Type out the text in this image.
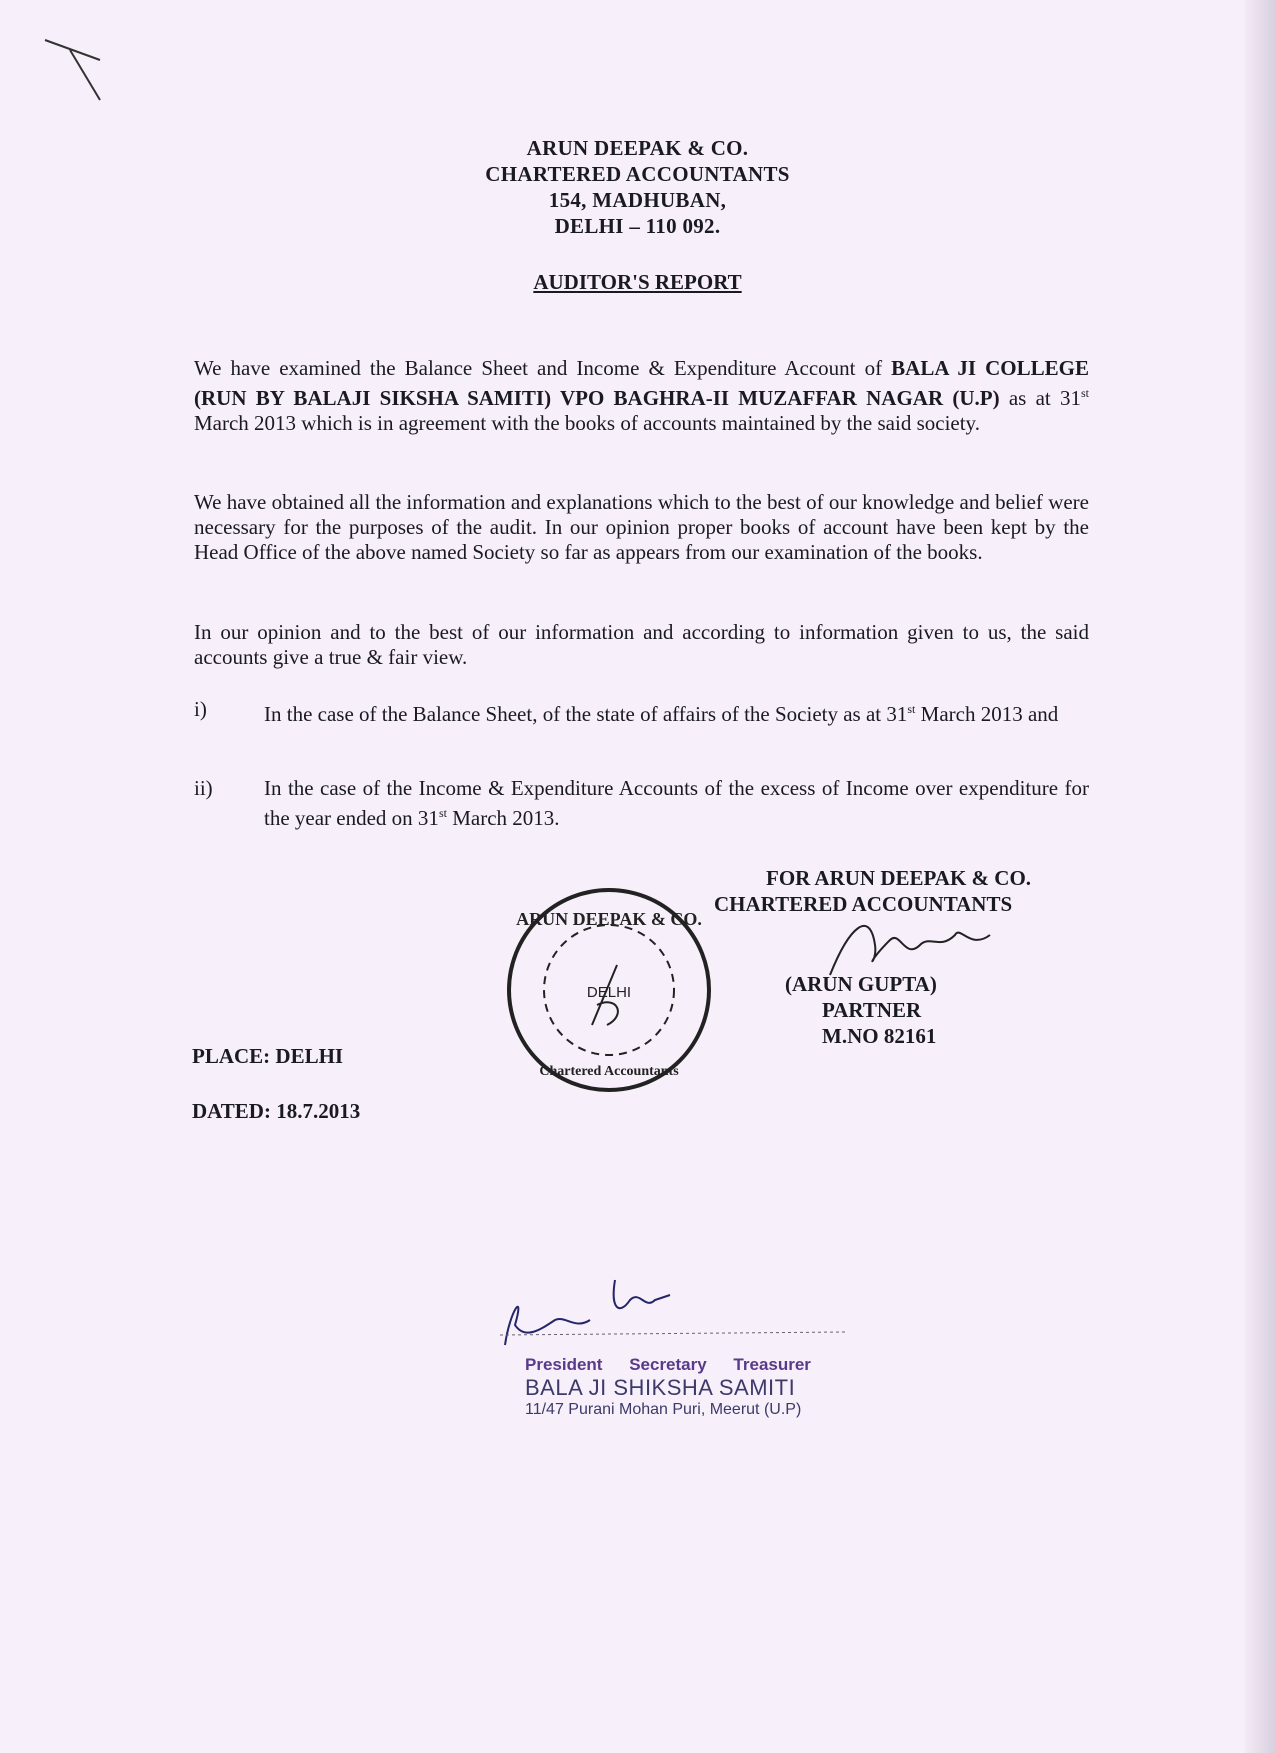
ARUN DEEPAK & CO.
CHARTERED ACCOUNTANTS
154, MADHUBAN,
DELHI – 110 092.
AUDITOR'S REPORT
We have examined the Balance Sheet and Income & Expenditure Account of BALA JI COLLEGE (RUN BY BALAJI SIKSHA SAMITI) VPO BAGHRA-II MUZAFFAR NAGAR (U.P) as at 31st March 2013 which is in agreement with the books of accounts maintained by the said society.
We have obtained all the information and explanations which to the best of our knowledge and belief were necessary for the purposes of the audit. In our opinion proper books of account have been kept by the Head Office of the above named Society so far as appears from our examination of the books.
In our opinion and to the best of our information and according to information given to us, the said accounts give a true & fair view.
i)	In the case of the Balance Sheet, of the state of affairs of the Society as at 31st March 2013 and
ii) In the case of the Income & Expenditure Accounts of the excess of Income over expenditure for the year ended on 31st March 2013.
FOR ARUN DEEPAK & CO.
CHARTERED ACCOUNTANTS
(ARUN GUPTA)
PARTNER
M.NO 82161
ARUN DEEPAK & CO.
DELHI
Chartered Accountants
PLACE: DELHI
DATED: 18.7.2013
President Secretary Treasurer
BALA JI SHIKSHA SAMITI
11/47 Purani Mohan Puri, Meerut (U.P)
